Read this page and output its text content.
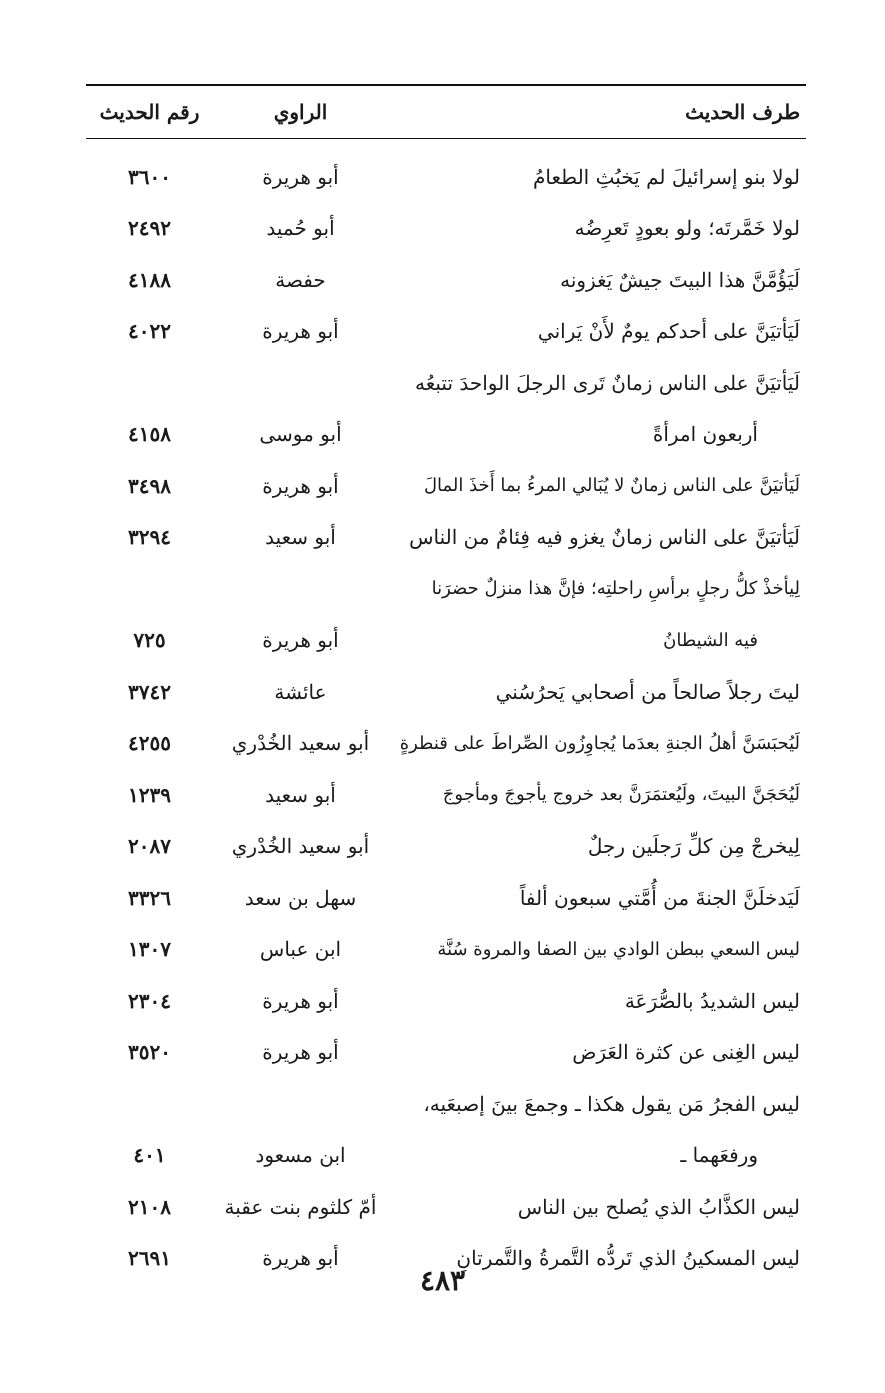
طرف الحديث
الراوي
رقم الحديث
لولا بنو إسرائيلَ لم يَخبُثِ الطعامُ
أبو هريرة
٣٦٠٠
لولا خَمَّرتَه؛ ولو بعودٍ تَعرِضُه
أبو حُميد
٢٤٩٢
لَيَؤُمَّنَّ هذا البيتَ جيشٌ يَغزونه
حفصة
٤١٨٨
لَيَأتيَنَّ على أحدكم يومٌ لأَنْ يَراني
أبو هريرة
٤٠٢٢
لَيَأتيَنَّ على الناس زمانٌ تَرى الرجلَ الواحدَ تتبعُه
أربعون امرأةً
أبو موسى
٤١٥٨
لَيَأتيَنَّ على الناس زمانٌ لا يُبَالي المرءُ بما أَخذَ المالَ
أبو هريرة
٣٤٩٨
لَيَأتيَنَّ على الناس زمانٌ يغزو فيه فِئامٌ من الناس
أبو سعيد
٣٢٩٤
لِيأخذْ كلُّ رجلٍ برأسِ راحلتِه؛ فإنَّ هذا منزلٌ حضرَنا
فيه الشيطانُ
أبو هريرة
٧٢٥
ليتَ رجلاً صالحاً من أصحابي يَحرُسُني
عائشة
٣٧٤٢
لَيُحبَسَنَّ أهلُ الجنةِ بعدَما يُجاوِزُون الصِّراطَ على قنطرةٍ
أبو سعيد الخُدْري
٤٢٥٥
لَيُحَجَنَّ البيتَ، ولَيُعتمَرَنَّ بعد خروج يأجوجَ ومأجوجَ
أبو سعيد
١٢٣٩
لِيخرجْ مِن كلِّ رَجلَين رجلٌ
أبو سعيد الخُدْري
٢٠٨٧
لَيَدخلَنَّ الجنةَ من أُمَّتي سبعون ألفاً
سهل بن سعد
٣٣٢٦
ليس السعي ببطن الوادي بين الصفا والمروة سُنَّة
ابن عباس
١٣٠٧
ليس الشديدُ بالصُّرَعَة
أبو هريرة
٢٣٠٤
ليس الغِنى عن كثرة العَرَض
أبو هريرة
٣٥٢٠
ليس الفجرُ مَن يقول هكذا ـ وجمعَ بينَ إصبعَيه،
ورفعَهما ـ
ابن مسعود
٤٠١
ليس الكذَّابُ الذي يُصلح بين الناس
أمّ كلثوم بنت عقبة
٢١٠٨
ليس المسكينُ الذي تَردُّه التَّمرةُ والتَّمرتانِ
أبو هريرة
٢٦٩١
٤٨٣
